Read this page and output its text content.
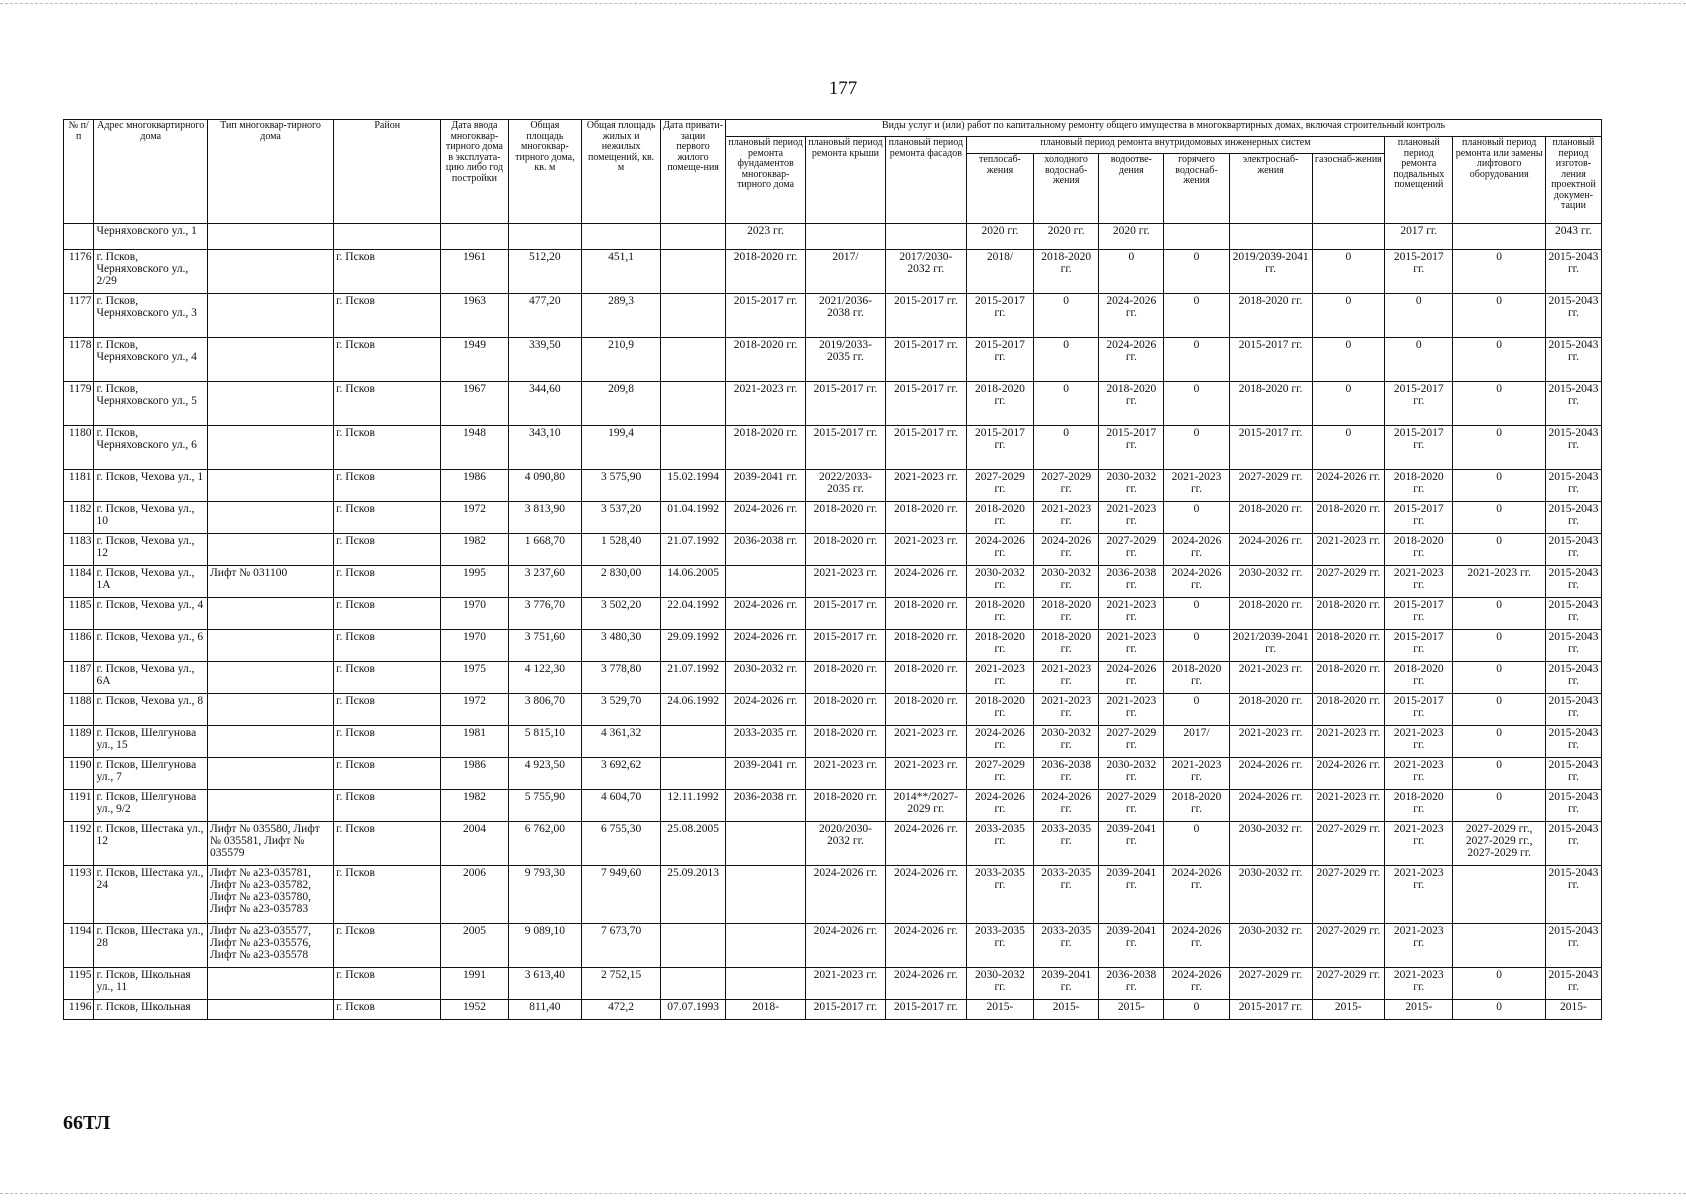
177
№ п/п	Адрес многоквартирного дома	Тип многоквар-тирного дома	Район	Дата ввода многоквар-тирного дома в эксплуата-цию либо год постройки	Общая площадь многоквар-тирного дома, кв. м	Общая площадь жилых и нежилых помещений, кв. м	Дата привати-зации первого жилого помеще-ния	Виды услуг и (или) работ по капитальному ремонту общего имущества в многоквартирных домах, включая строительный контроль											
								плановый период ремонта фундаментов многоквар-тирного дома	плановый период ремонта крыши	плановый период ремонта фасадов	плановый период ремонта внутридомовых инженерных систем						плановый период ремонта подвальных помещений	плановый период ремонта или замены лифтового оборудования	плановый период изготов-ления проектной докумен-тации
											теплосаб-жения	холодного водоснаб-жения	водоотве-дения	горячего водоснаб-жения	электроснаб-жения	газоснаб-жения			
	Черняховского ул., 1							2023 гг.			2020 гг.	2020 гг.	2020 гг.				2017 гг.		2043 гг.
1176	г. Псков, Черняховского ул., 2/29		г. Псков	1961	512,20	451,1		2018-2020 гг.	2017/	2017/2030-2032 гг.	2018/	2018-2020 гг.	0	0	2019/2039-2041 гг.	0	2015-2017 гг.	0	2015-2043 гг.
1177	г. Псков, Черняховского ул., 3		г. Псков	1963	477,20	289,3		2015-2017 гг.	2021/2036-2038 гг.	2015-2017 гг.	2015-2017 гг.	0	2024-2026 гг.	0	2018-2020 гг.	0	0	0	2015-2043 гг.
1178	г. Псков, Черняховского ул., 4		г. Псков	1949	339,50	210,9		2018-2020 гг.	2019/2033-2035 гг.	2015-2017 гг.	2015-2017 гг.	0	2024-2026 гг.	0	2015-2017 гг.	0	0	0	2015-2043 гг.
1179	г. Псков, Черняховского ул., 5		г. Псков	1967	344,60	209,8		2021-2023 гг.	2015-2017 гг.	2015-2017 гг.	2018-2020 гг.	0	2018-2020 гг.	0	2018-2020 гг.	0	2015-2017 гг.	0	2015-2043 гг.
1180	г. Псков, Черняховского ул., 6		г. Псков	1948	343,10	199,4		2018-2020 гг.	2015-2017 гг.	2015-2017 гг.	2015-2017 гг.	0	2015-2017 гг.	0	2015-2017 гг.	0	2015-2017 гг.	0	2015-2043 гг.
1181	г. Псков, Чехова ул., 1		г. Псков	1986	4 090,80	3 575,90	15.02.1994	2039-2041 гг.	2022/2033-2035 гг.	2021-2023 гг.	2027-2029 гг.	2027-2029 гг.	2030-2032 гг.	2021-2023 гг.	2027-2029 гг.	2024-2026 гг.	2018-2020 гг.	0	2015-2043 гг.
1182	г. Псков, Чехова ул., 10		г. Псков	1972	3 813,90	3 537,20	01.04.1992	2024-2026 гг.	2018-2020 гг.	2018-2020 гг.	2018-2020 гг.	2021-2023 гг.	2021-2023 гг.	0	2018-2020 гг.	2018-2020 гг.	2015-2017 гг.	0	2015-2043 гг.
1183	г. Псков, Чехова ул., 12		г. Псков	1982	1 668,70	1 528,40	21.07.1992	2036-2038 гг.	2018-2020 гг.	2021-2023 гг.	2024-2026 гг.	2024-2026 гг.	2027-2029 гг.	2024-2026 гг.	2024-2026 гг.	2021-2023 гг.	2018-2020 гг.	0	2015-2043 гг.
1184	г. Псков, Чехова ул., 1А	Лифт № 031100	г. Псков	1995	3 237,60	2 830,00	14.06.2005		2021-2023 гг.	2024-2026 гг.	2030-2032 гг.	2030-2032 гг.	2036-2038 гг.	2024-2026 гг.	2030-2032 гг.	2027-2029 гг.	2021-2023 гг.	2021-2023 гг.	2015-2043 гг.
1185	г. Псков, Чехова ул., 4		г. Псков	1970	3 776,70	3 502,20	22.04.1992	2024-2026 гг.	2015-2017 гг.	2018-2020 гг.	2018-2020 гг.	2018-2020 гг.	2021-2023 гг.	0	2018-2020 гг.	2018-2020 гг.	2015-2017 гг.	0	2015-2043 гг.
1186	г. Псков, Чехова ул., 6		г. Псков	1970	3 751,60	3 480,30	29.09.1992	2024-2026 гг.	2015-2017 гг.	2018-2020 гг.	2018-2020 гг.	2018-2020 гг.	2021-2023 гг.	0	2021/2039-2041 гг.	2018-2020 гг.	2015-2017 гг.	0	2015-2043 гг.
1187	г. Псков, Чехова ул., 6А		г. Псков	1975	4 122,30	3 778,80	21.07.1992	2030-2032 гг.	2018-2020 гг.	2018-2020 гг.	2021-2023 гг.	2021-2023 гг.	2024-2026 гг.	2018-2020 гг.	2021-2023 гг.	2018-2020 гг.	2018-2020 гг.	0	2015-2043 гг.
1188	г. Псков, Чехова ул., 8		г. Псков	1972	3 806,70	3 529,70	24.06.1992	2024-2026 гг.	2018-2020 гг.	2018-2020 гг.	2018-2020 гг.	2021-2023 гг.	2021-2023 гг.	0	2018-2020 гг.	2018-2020 гг.	2015-2017 гг.	0	2015-2043 гг.
1189	г. Псков, Шелгунова ул., 15		г. Псков	1981	5 815,10	4 361,32		2033-2035 гг.	2018-2020 гг.	2021-2023 гг.	2024-2026 гг.	2030-2032 гг.	2027-2029 гг.	2017/	2021-2023 гг.	2021-2023 гг.	2021-2023 гг.	0	2015-2043 гг.
1190	г. Псков, Шелгунова ул., 7		г. Псков	1986	4 923,50	3 692,62		2039-2041 гг.	2021-2023 гг.	2021-2023 гг.	2027-2029 гг.	2036-2038 гг.	2030-2032 гг.	2021-2023 гг.	2024-2026 гг.	2024-2026 гг.	2021-2023 гг.	0	2015-2043 гг.
1191	г. Псков, Шелгунова ул., 9/2		г. Псков	1982	5 755,90	4 604,70	12.11.1992	2036-2038 гг.	2018-2020 гг.	2014**/2027-2029 гг.	2024-2026 гг.	2024-2026 гг.	2027-2029 гг.	2018-2020 гг.	2024-2026 гг.	2021-2023 гг.	2018-2020 гг.	0	2015-2043 гг.
1192	г. Псков, Шестака ул., 12	Лифт № 035580, Лифт № 035581, Лифт № 035579	г. Псков	2004	6 762,00	6 755,30	25.08.2005		2020/2030-2032 гг.	2024-2026 гг.	2033-2035 гг.	2033-2035 гг.	2039-2041 гг.	0	2030-2032 гг.	2027-2029 гг.	2021-2023 гг.	2027-2029 гг., 2027-2029 гг., 2027-2029 гг.	2015-2043 гг.
1193	г. Псков, Шестака ул., 24	Лифт № а23-035781, Лифт № а23-035782, Лифт № а23-035780, Лифт № а23-035783	г. Псков	2006	9 793,30	7 949,60	25.09.2013		2024-2026 гг.	2024-2026 гг.	2033-2035 гг.	2033-2035 гг.	2039-2041 гг.	2024-2026 гг.	2030-2032 гг.	2027-2029 гг.	2021-2023 гг.		2015-2043 гг.
1194	г. Псков, Шестака ул., 28	Лифт № а23-035577, Лифт № а23-035576, Лифт № а23-035578	г. Псков	2005	9 089,10	7 673,70			2024-2026 гг.	2024-2026 гг.	2033-2035 гг.	2033-2035 гг.	2039-2041 гг.	2024-2026 гг.	2030-2032 гг.	2027-2029 гг.	2021-2023 гг.		2015-2043 гг.
1195	г. Псков, Школьная ул., 11		г. Псков	1991	3 613,40	2 752,15			2021-2023 гг.	2024-2026 гг.	2030-2032 гг.	2039-2041 гг.	2036-2038 гг.	2024-2026 гг.	2027-2029 гг.	2027-2029 гг.	2021-2023 гг.	0	2015-2043 гг.
1196	г. Псков, Школьная		г. Псков	1952	811,40	472,2	07.07.1993	2018-	2015-2017 гг.	2015-2017 гг.	2015-	2015-	2015-	0	2015-2017 гг.	2015-	2015-	0	2015-
66ТЛ
